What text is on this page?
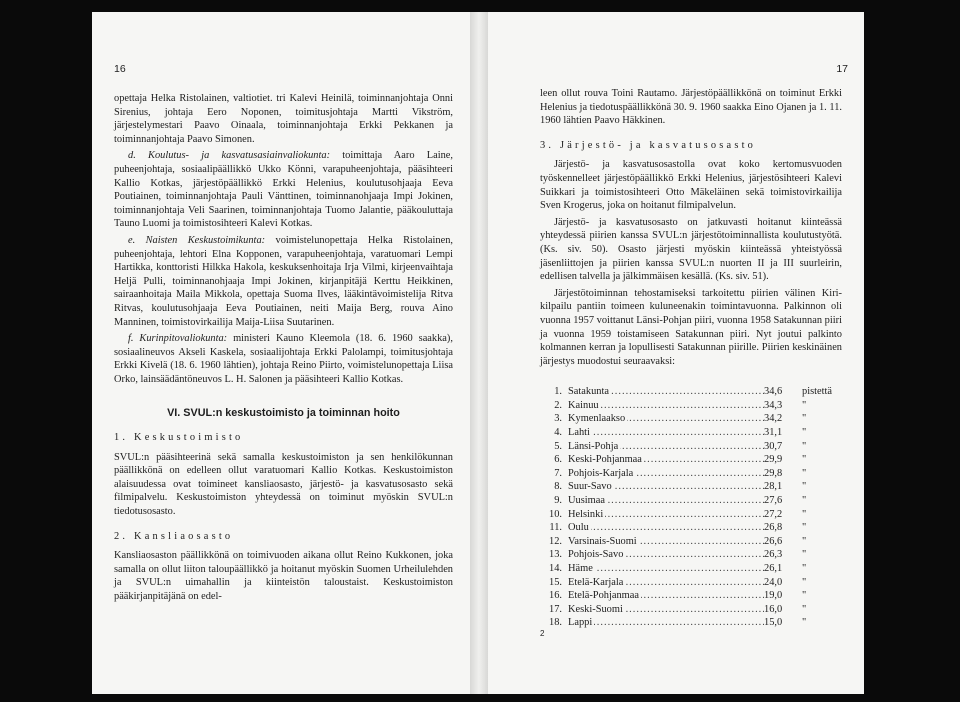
16

opettaja Helka Ristolainen, valtiotiet. tri Kalevi Heinilä, toiminnanjohtaja Onni Sirenius, johtaja Eero Noponen, toimitusjohtaja Martti Vikström, järjestelymestari Paavo Oinaala, toiminnanjohtaja Erkki Pekkanen ja toiminnanjohtaja Paavo Simonen.

d. Koulutus- ja kasvatusasiainvaliokunta: toimittaja Aaro Laine, puheenjohtaja, sosiaalipäällikkö Ukko Könni, varapuheenjohtaja, pääsihteeri Kallio Kotkas, järjestöpäällikkö Erkki Helenius, koulutusohjaaja Eeva Poutiainen, toiminnanjohtaja Pauli Vänttinen, toiminnanohjaaja Impi Jokinen, toiminnanjohtaja Veli Saarinen, toiminnanjohtaja Tuomo Jalantie, pääkouluttaja Tauno Luomi ja toimistosihteeri Kalevi Kotkas.

e. Naisten Keskustoimikunta: voimistelunopettaja Helka Ristolainen, puheenjohtaja, lehtori Elna Kopponen, varapuheenjohtaja, varatuomari Lempi Hartikka, konttoristi Hilkka Hakola, keskuksenhoitaja Irja Vilmi, kirjeenvaihtaja Heljä Pulli, toiminnanohjaaja Impi Jokinen, kirjanpitäjä Kerttu Heikkinen, sairaanhoitaja Maila Mikkola, opettaja Suoma Ilves, lääkintävoimistelija Ritva Ritvas, koulutusohjaaja Eeva Poutiainen, neiti Maija Berg, rouva Aino Manninen, toimistovirkailija Maija-Liisa Suutarinen.

f. Kurinpitovaliokunta: ministeri Kauno Kleemola (18. 6. 1960 saakka), sosiaalineuvos Akseli Kaskela, sosiaalijohtaja Erkki Palolampi, toimitusjohtaja Erkki Kivelä (18. 6. 1960 lähtien), johtaja Reino Piirto, voimistelunopettaja Liisa Orko, lainsäädäntöneuvos L. H. Salonen ja pääsihteeri Kallio Kotkas.

VI. SVUL:n keskustoimisto ja toiminnan hoito

1. Keskustoimisto

SVUL:n pääsihteerinä sekä samalla keskustoimiston ja sen henkilökunnan päällikkönä on edelleen ollut varatuomari Kallio Kotkas. Keskustoimiston alaisuudessa ovat toimineet kansliaosasto, järjestö- ja kasvatusosasto sekä filmipalvelu. Keskustoimiston yhteydessä on toiminut myöskin SVUL:n tiedotusosasto.

2. Kansliaosasto

Kansliaosaston päällikkönä on toimivuoden aikana ollut Reino Kukkonen, joka samalla on ollut liiton taloupäällikkö ja hoitanut myöskin Suomen Urheilulehden ja SVUL:n uimahallin ja kiinteistön taloustaist. Keskustoimiston pääkirjanpitäjänä on edel-

17

leen ollut rouva Toini Rautamo. Järjestöpäällikkönä on toiminut Erkki Helenius ja tiedotuspäällikkönä 30. 9. 1960 saakka Eino Ojanen ja 1. 11. 1960 lähtien Paavo Häkkinen.

3. Järjestö- ja kasvatusosasto

Järjestö- ja kasvatusosastolla ovat koko kertomusvuoden työskennelleet järjestöpäällikkö Erkki Helenius, järjestösihteeri Kalevi Suikkari ja toimistosihteeri Otto Mäkeläinen sekä toimistovirkailija Sven Krogerus, joka on hoitanut filmipalvelun.

Järjestö- ja kasvatusosasto on jatkuvasti hoitanut kiinteässä yhteydessä piirien kanssa SVUL:n järjestötoiminnallista koulutustyötä. (Ks. siv. 50). Osasto järjesti myöskin kiinteässä yhteistyössä jäsenliittojen ja piirien kanssa SVUL:n nuorten II ja III suurleirin, edellisen talvella ja jälkimmäisen kesällä. (Ks. siv. 51).

Järjestötoiminnan tehostamiseksi tarkoitettu piirien välinen Kiri-kilpailu pantiin toimeen kuluneenakin toimintavuonna. Palkinnon oli vuonna 1957 voittanut Länsi-Pohjan piiri, vuonna 1958 Satakunnan piiri ja vuonna 1959 toistamiseen Satakunnan piiri. Nyt joutui palkinto kolmannen kerran ja lopullisesti Satakunnan piirille. Piirien keskinäinen järjestys muodostui seuraavaksi:

1.	Satakunta .....	34,6	pistettä
2.	Kainuu .....	34,3	"
3.	Kymenlaakso .....	34,2	"
4.	Lahti .....	31,1	"
5.	Länsi-Pohja .....	30,7	"
6.	Keski-Pohjanmaa .....	29,9	"
7.	Pohjois-Karjala .....	29,8	"
8.	Suur-Savo .....	28,1	"
9.	Uusimaa .....	27,6	"
10.	Helsinki .....	27,2	"
11.	Oulu .....	26,8	"
12.	Varsinais-Suomi .....	26,6	"
13.	Pohjois-Savo .....	26,3	"
14.	Häme .....	26,1	"
15.	Etelä-Karjala .....	24,0	"
16.	Etelä-Pohjanmaa .....	19,0	"
17.	Keski-Suomi .....	16,0	"
18.	Lappi .....	15,0	"
2
